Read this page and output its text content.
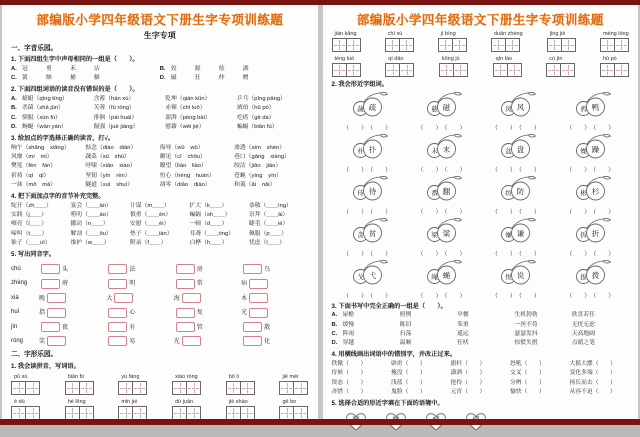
部编版小学四年级语文下册生字专项训练题
生字专项
一、字音乐园。
1. 下面四组生字中声母相同的一组是（　　）。
A. 冠	勇	禾	洁	B. 狡	源	炫	湖
C. 簧	颇	捕	僻	D. 磁	狂	仲	赠
2. 下面四组词语的读音没有错误的是（　　）。
A. 蜻蜓（qīng tíng）	含蓄（hán xù）	乾坤（qián kūn）	乒乓（pīng pāng）
B. 杀菌（shā jūn）	芙蓉（fú róng）	赤裸（chì luǒ）	琥珀（hǔ pò）
C. 驯服（xún fú）	徘徊（pái huái）	澎湃（péng bài）	疙瘩（gē da）
D. 蜿蜒（wān yán）	倔强（juè jiàng）	慰藉（wèi jiè）	蝙蝠（biān fú）
3. 给加点的字选择正确的读音，打√。
晌午（shǎng　xiǎng）	惦念（diào　diàn）	侮辱（wǔ　wū）	渗透（sèn　shèn）
风靡（mí　mǐ）	蔬菜（sū　shū）	瞅见（cī　chǒu）	巷口（gǎng　xiàng）
樊笼（fén　fán）	呼啸（xiāo　xiào）	瞭望（liáo　liào）	皎洁（jiǎo　jiáo）
祈祷（qí　qǐ）	坚韧（yìn　rèn）	恒心（héng　huán）	苍蝇（yíng　yín）
一抹（mǒ　mā）	隧道（suì　shuì）	凋零（diāo　diào）	和蔼（ǎi　nǎi）
4. 把下面加点字的音节补充完整。
绽开（zh＿＿）	宴会（＿＿àn）	计谋（m＿＿）	扩大（k＿＿）	恭敬（＿＿ìng）
实践（j＿＿）	唠叨（＿＿áo）	慎重（＿＿èn）	蝙蝠（sh＿＿）	崇拜（＿＿ài）
嘹亮（l＿＿）	挪动（n＿＿）	安慰（＿＿èi）	一顿（d＿＿）	睫毛（＿＿ié）
啼叫（t＿＿）	解剖（＿＿ōu）	垫子（＿＿iàn）	耳聋（＿＿óng）	佩服（p＿＿）
锥子（＿＿uī）	维护（w＿＿）	附录（f＿＿）	白桦（h＿＿）	忧虑（l＿＿）
5. 写出同音字。
chú	头	法	房	鸟
zhèng	府	明	常	病
xiá	晚	大	海	木
huī	指	心	复	光
jìn	夜	有	管	散
róng	笑	易	光	化
二、字形乐园。
1. 我会读拼音，写词语。
pǔ sù	biān fú	yù fáng	xiào róng	bō li	jiě mèi
è dú	hé lǒng	mǐn jié	dù juān	jiè shào	gē bo
部编版小学四年级语文下册生字专项训练题
jiàn kāng	chí xù	jí bìng	duān zhèng	jǐng jiè	méng lóng
téng luó	qí dǎo	kǒng jù	qín láo	cù jìn	hǔ pò
2. 我会形近字组词。
蔬 疏
（　）（　）
慈 磁
（　）（　）
凤 风
（　）（　）
鸦 鸭
（　）（　）
朴 扑
（　）（　）
未 末
（　）（　）
盆 盘
（　）（　）
燥 躁
（　）（　）
侍 待
（　）（　）
番 翻
（　）（　）
纺 防
（　）（　）
彬 杉
（　）（　）
贪 贫
（　）（　）
梁 粱
（　）（　）
嫌 谦
（　）（　）
拆 折
（　）（　）
戈 弋
（　）（　）
绳 蝇
（　）（　）
悦 说
（　）（　）
拔 拨
（　）（　）
3. 下面书写中完全正确的一组是（　　）。
A. 屋檐	照例	早餐	生机勃勃	欣喜若狂
B. 缓慢	陈旧	笨重	一丝不苟	无忧无虑
C. 阵雨	扫荡	遥远	瑟瑟发抖	天高地阔
D. 穿越	温顺	狂吠	惊慌失措	点睛之笔
4. 用横线画出词语中的错别字，并改正过来。
铁锨（　　）	辟雳（　　）	旗杆（　　）	怒吼（　　）	大摇大摆（　　）
侍候（　　）	掩没（　　）	潇洒（　　）	交叉（　　）	变化多端（　　）
资态（　　）	浅蓝（　　）	抢拎（　　）	分辨（　　）	扬长而去（　　）
吝惜（　　）	鬼脸（　　）	元宵（　　）	愉快（　　）	从容不迫（　　）
5. 选择合适的形近字填在下面的语境中。
